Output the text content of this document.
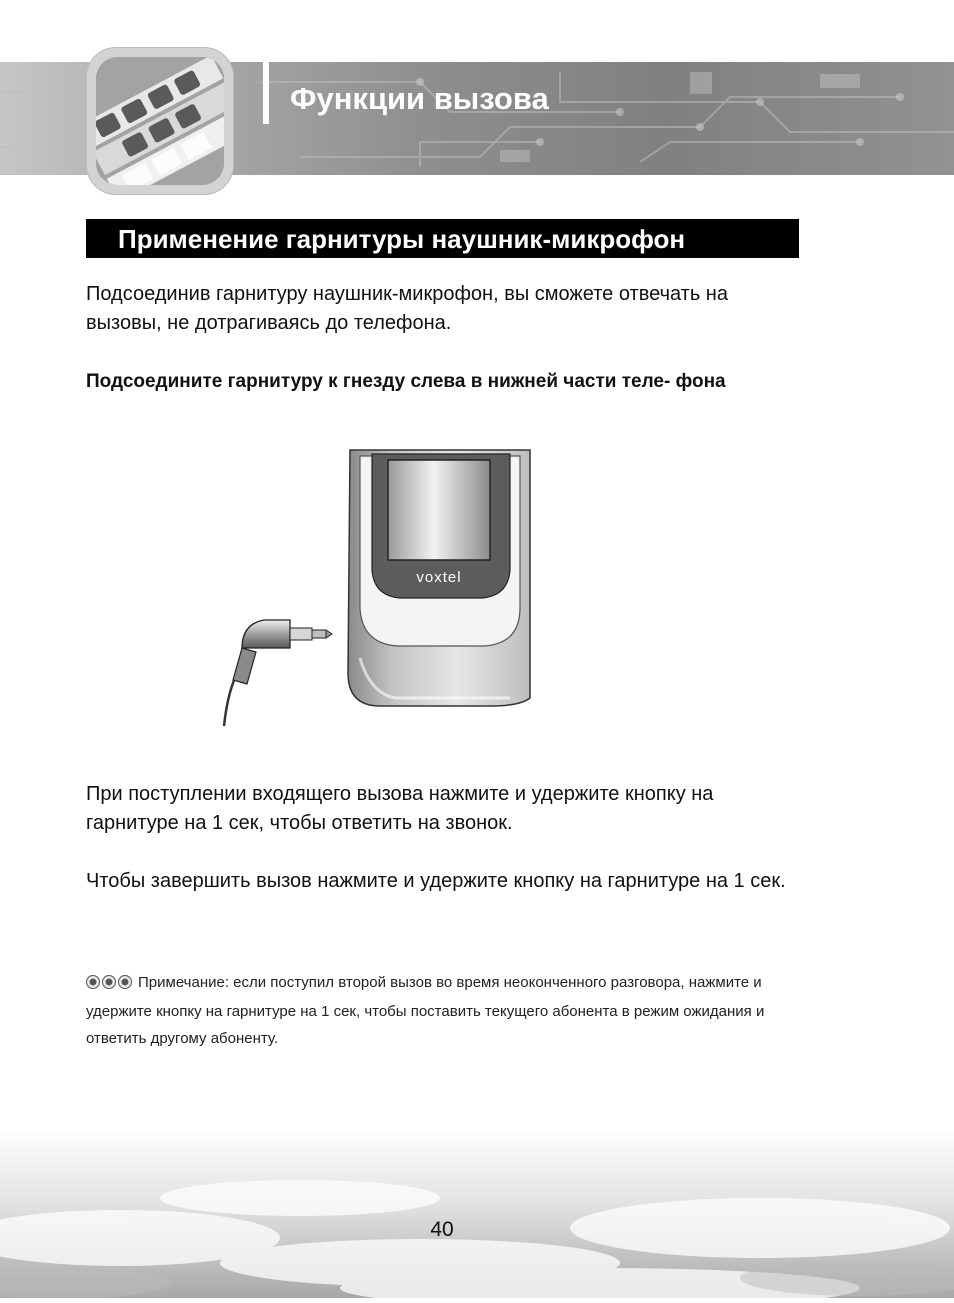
Функции вызова
Применение гарнитуры наушник-микрофон

Подсоединив гарнитуру наушник-микрофон, вы сможете отвечать на вызовы, не дотрагиваясь до телефона.

Подсоедините гарнитуру к гнезду слева в нижней части теле- фона

voxtel

При поступлении входящего вызова нажмите и удержите кнопку на гарнитуре на 1 сек, чтобы ответить на звонок.

Чтобы завершить вызов нажмите и удержите кнопку на гарнитуре на 1 сек.

Примечание: если поступил второй вызов во время неоконченного разговора, нажмите и удержите кнопку на гарнитуре на 1 сек, чтобы поставить текущего абонента в режим ожидания и ответить другому абоненту.

40
